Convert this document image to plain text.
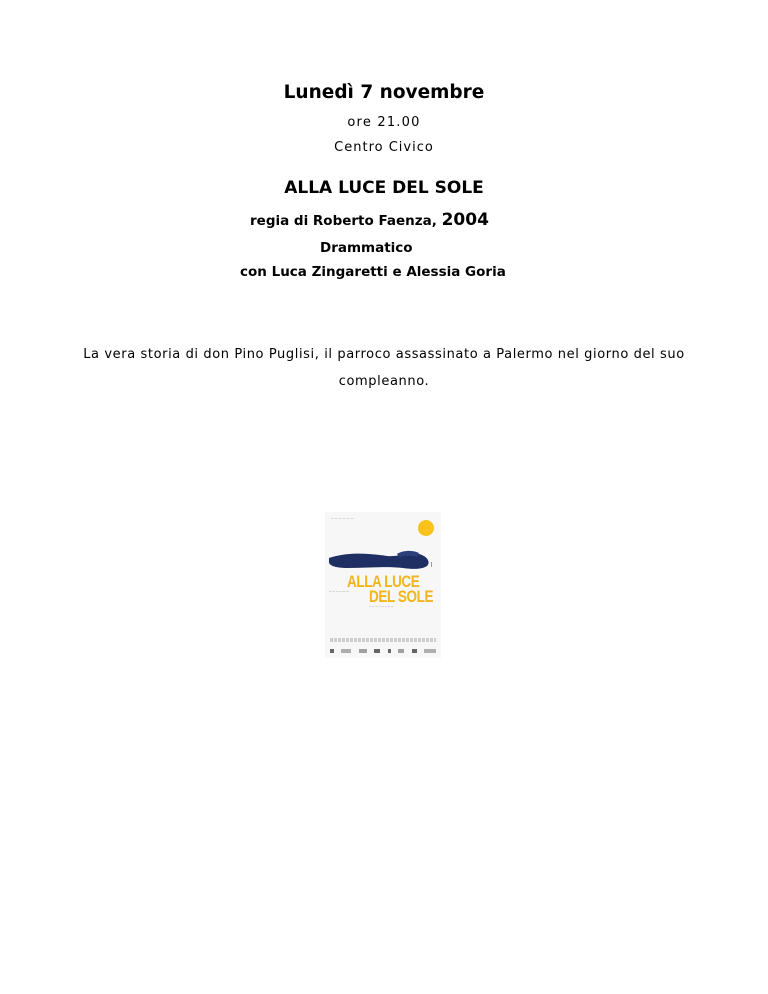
Lunedì 7 novembre
ore 21.00
Centro Civico
ALLA LUCE DEL SOLE
regia di Roberto Faenza, 2004
Drammatico
con Luca Zingaretti e Alessia Goria
La vera storia di don Pino Puglisi, il parroco assassinato a Palermo nel giorno del suo compleanno.
— — — — — —
— — — — — —
ALLA LUCE
DEL SOLE
— — — — — — — —
